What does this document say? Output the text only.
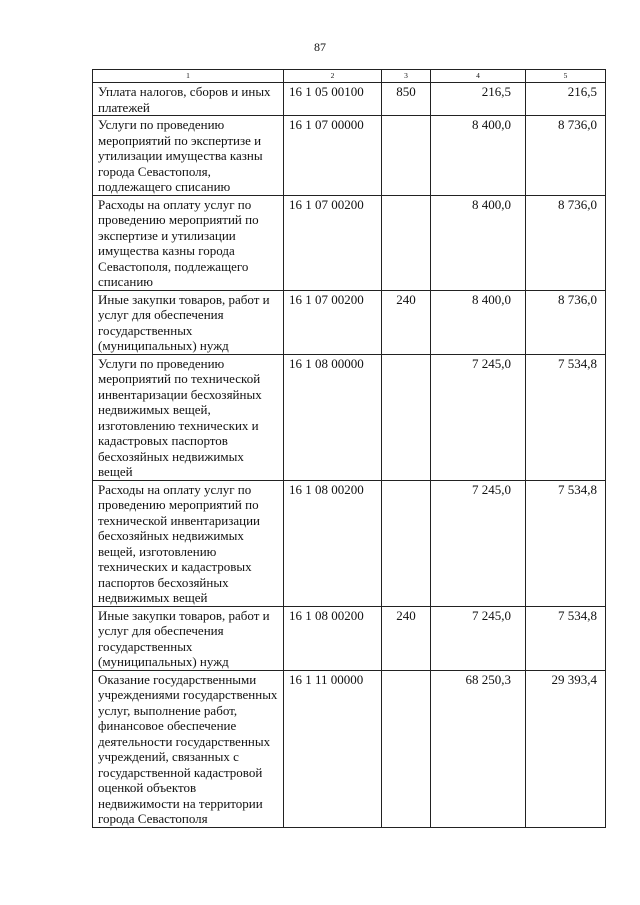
87
1	2	3	4	5
Уплата налогов, сборов и иных платежей	16 1 05 00100	850	216,5	216,5
Услуги по проведению мероприятий по экспертизе и утилизации имущества казны города Севастополя, подлежащего списанию	16 1 07 00000		8 400,0	8 736,0
Расходы на оплату услуг по проведению мероприятий по экспертизе и утилизации имущества казны города Севастополя, подлежащего списанию	16 1 07 00200		8 400,0	8 736,0
Иные закупки товаров, работ и услуг для обеспечения государственных (муниципальных) нужд	16 1 07 00200	240	8 400,0	8 736,0
Услуги по проведению мероприятий по технической инвентаризации бесхозяйных недвижимых вещей, изготовлению технических и кадастровых паспортов бесхозяйных недвижимых вещей	16 1 08 00000		7 245,0	7 534,8
Расходы на оплату услуг по проведению мероприятий по технической инвентаризации бесхозяйных недвижимых вещей, изготовлению технических и кадастровых паспортов бесхозяйных недвижимых вещей	16 1 08 00200		7 245,0	7 534,8
Иные закупки товаров, работ и услуг для обеспечения государственных (муниципальных) нужд	16 1 08 00200	240	7 245,0	7 534,8
Оказание государственными учреждениями государственных услуг, выполнение работ, финансовое обеспечение деятельности государственных учреждений, связанных с государственной кадастровой оценкой объектов недвижимости на территории города Севастополя	16 1 11 00000		68 250,3	29 393,4
